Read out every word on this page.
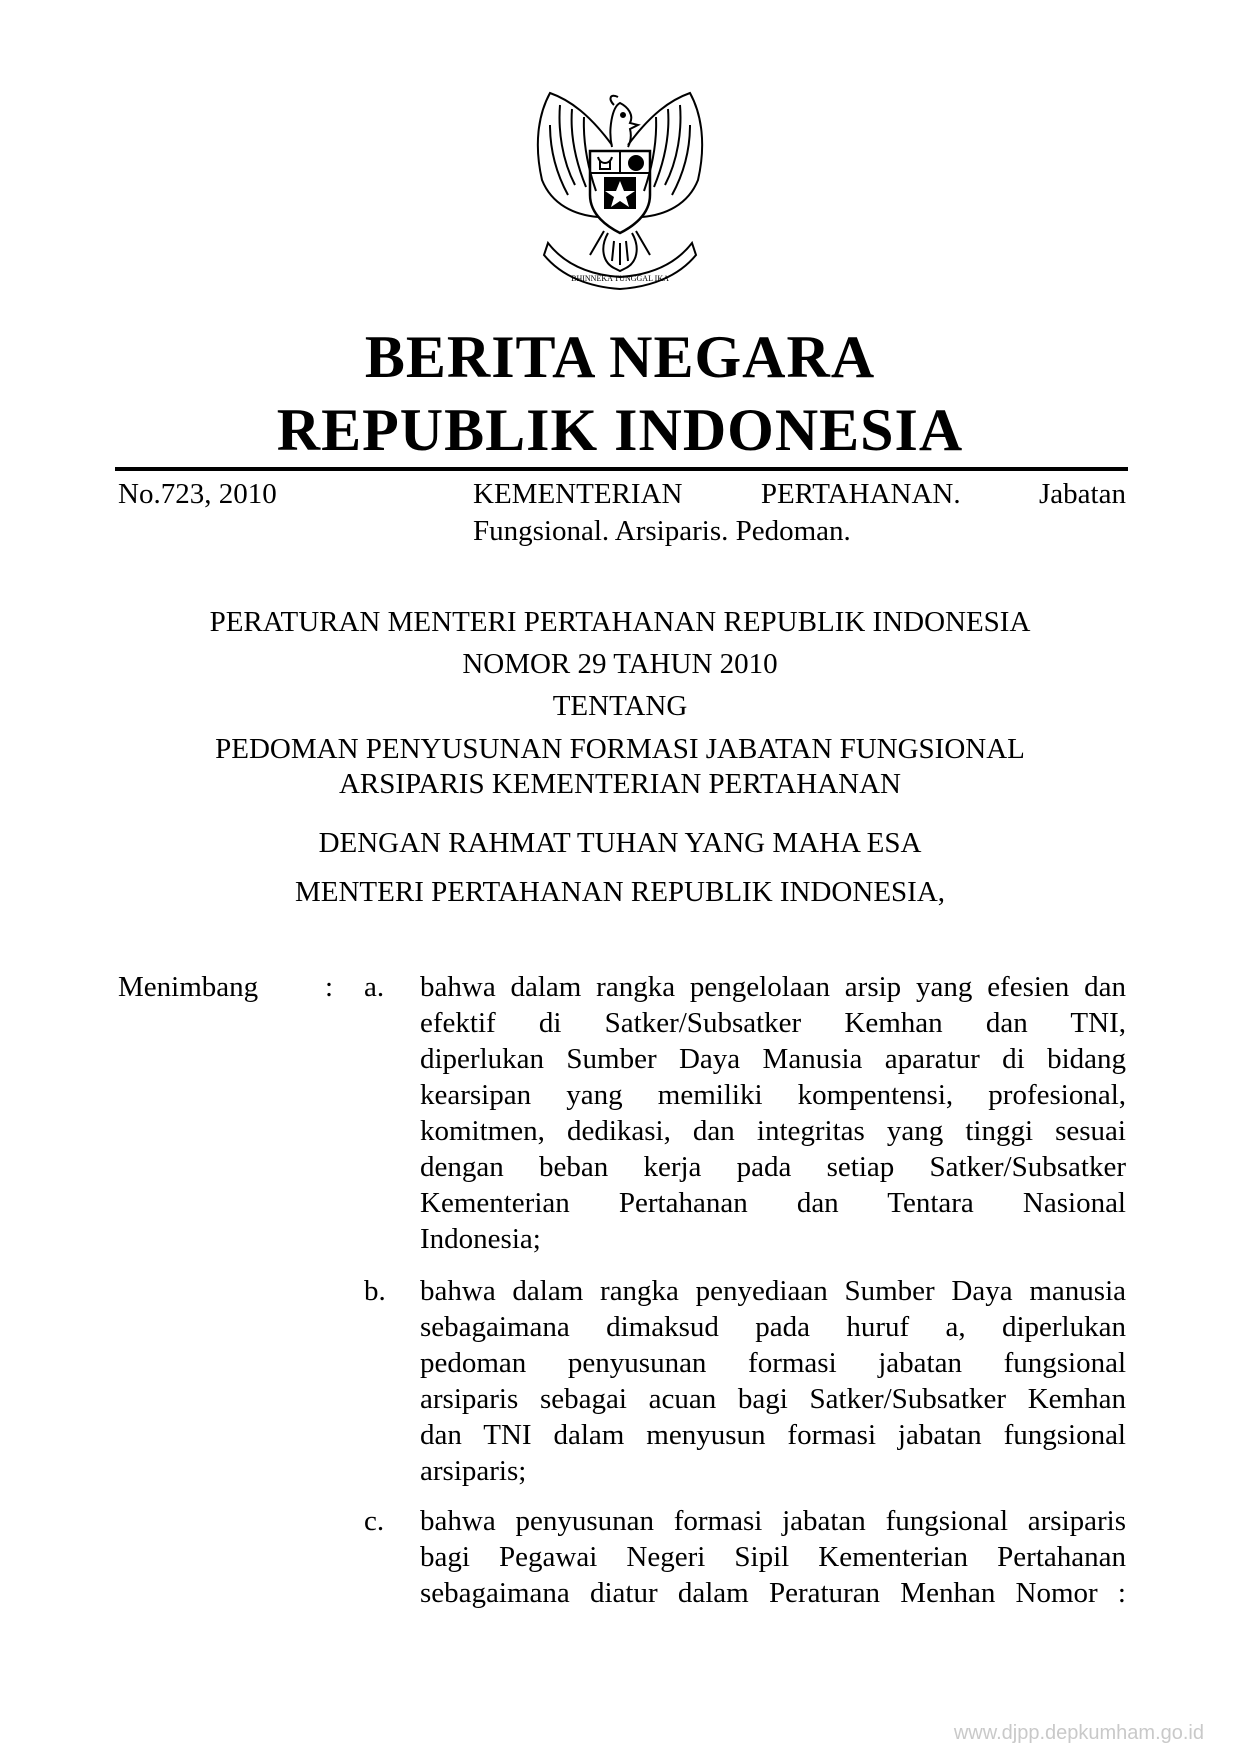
BHINNEKA TUNGGAL IKA
BERITA NEGARA
REPUBLIK INDONESIA
No.723, 2010	KEMENTERIAN	PERTAHANAN.	Jabatan
Fungsional. Arsiparis. Pedoman.
PERATURAN MENTERI PERTAHANAN REPUBLIK INDONESIA
NOMOR 29 TAHUN 2010
TENTANG
PEDOMAN PENYUSUNAN FORMASI JABATAN FUNGSIONAL
ARSIPARIS KEMENTERIAN PERTAHANAN
DENGAN RAHMAT TUHAN YANG MAHA ESA
MENTERI PERTAHANAN REPUBLIK INDONESIA,
Menimbang : a. bahwa dalam rangka pengelolaan arsip yang efesien dan
efektif di Satker/Subsatker Kemhan dan TNI,
diperlukan Sumber Daya Manusia aparatur di bidang
kearsipan yang memiliki kompentensi, profesional,
komitmen, dedikasi, dan integritas yang tinggi sesuai
dengan beban kerja pada setiap Satker/Subsatker
Kementerian Pertahanan dan Tentara Nasional
Indonesia;
b. bahwa dalam rangka penyediaan Sumber Daya manusia
sebagaimana dimaksud pada huruf a, diperlukan
pedoman penyusunan formasi jabatan fungsional
arsiparis sebagai acuan bagi Satker/Subsatker Kemhan
dan TNI dalam menyusun formasi jabatan fungsional
arsiparis;
c. bahwa penyusunan formasi jabatan fungsional arsiparis
bagi Pegawai Negeri Sipil Kementerian Pertahanan
sebagaimana diatur dalam Peraturan Menhan Nomor :
www.djpp.depkumham.go.id
